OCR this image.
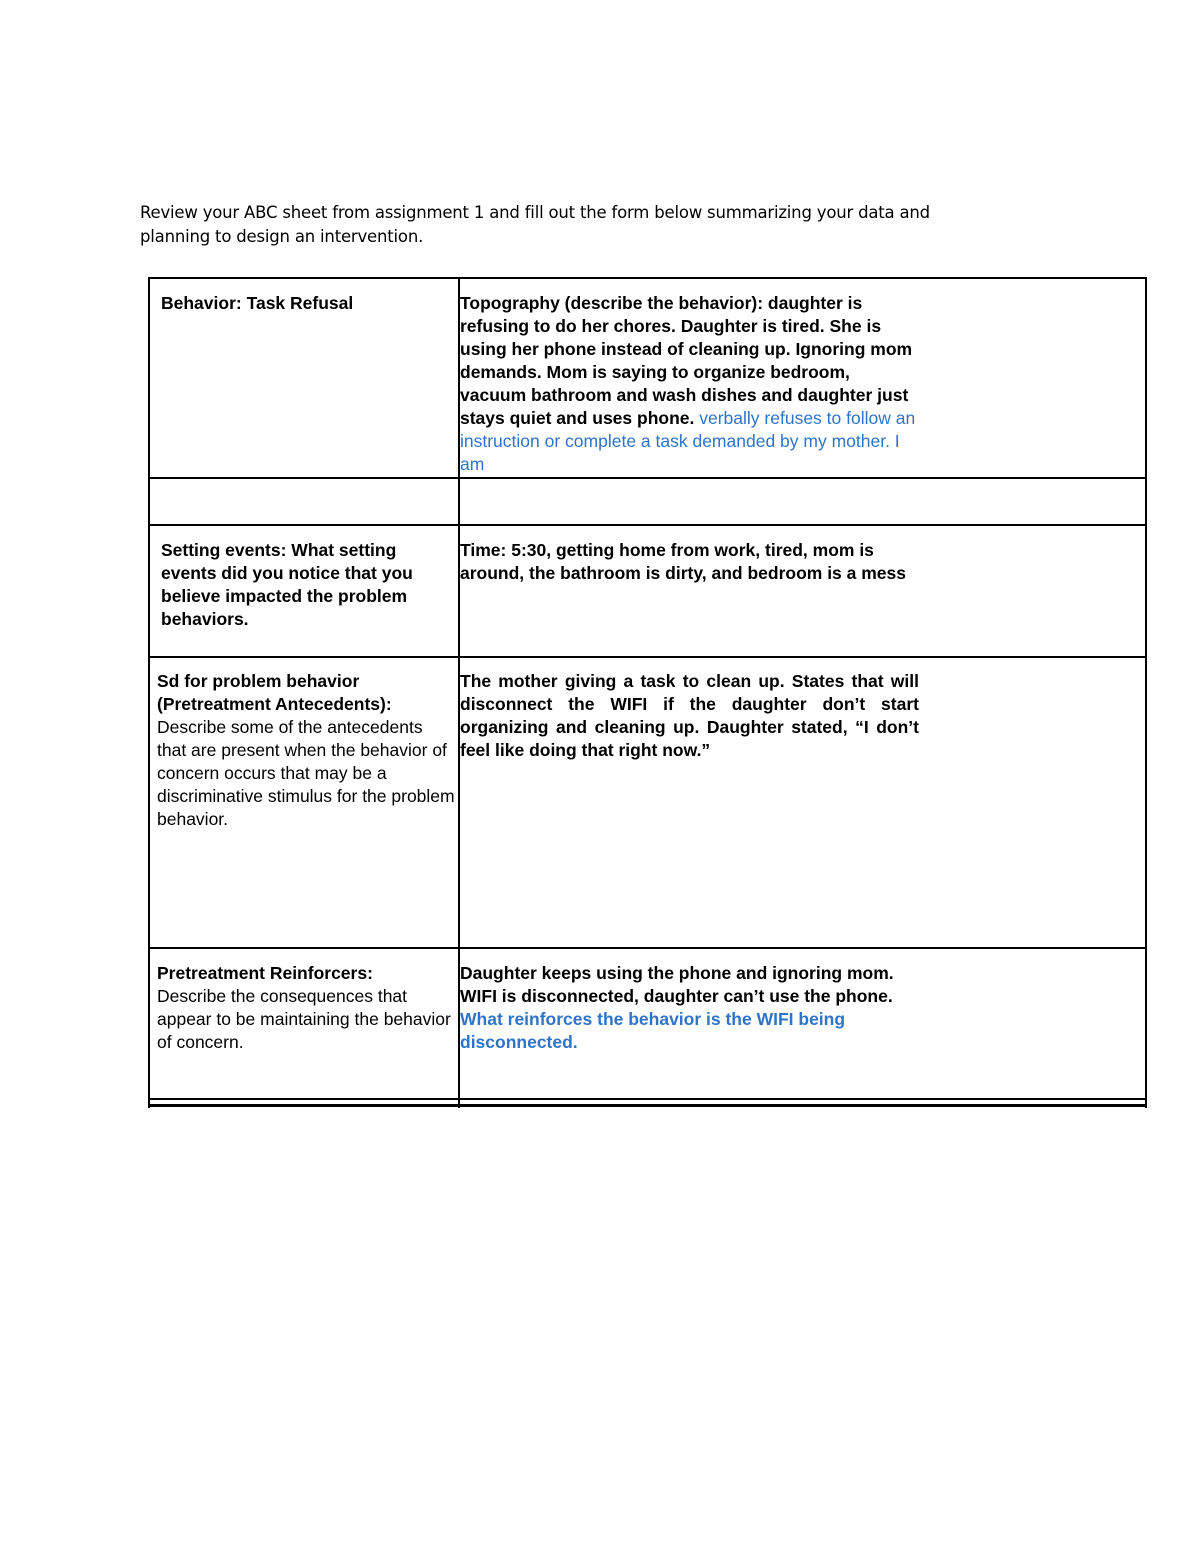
Review your ABC sheet from assignment 1 and fill out the form below summarizing your data and
planning to design an intervention.
Behavior: Task Refusal	Topography (describe the behavior): daughter is refusing to do her chores. Daughter is tired. She is using her phone instead of cleaning up. Ignoring mom demands. Mom is saying to organize bedroom, vacuum bathroom and wash dishes and daughter just stays quiet and uses phone. verbally refuses to follow an instruction or complete a task demanded by my mother. I am
Setting events: What setting events did you notice that you believe impacted the problem behaviors.
Time: 5:30, getting home from work, tired, mom is around, the bathroom is dirty, and bedroom is a mess
Sd for problem behavior (Pretreatment Antecedents):
Describe some of the antecedents that are present when the behavior of concern occurs that may be a discriminative stimulus for the problem behavior.
The mother giving a task to clean up. States that will disconnect the WIFI if the daughter don’t start organizing and cleaning up. Daughter stated, “I don’t feel like doing that right now.”
Pretreatment Reinforcers:
Describe the consequences that appear to be maintaining the behavior of concern.
Daughter keeps using the phone and ignoring mom. WIFI is disconnected, daughter can’t use the phone. What reinforces the behavior is the WIFI being disconnected.
